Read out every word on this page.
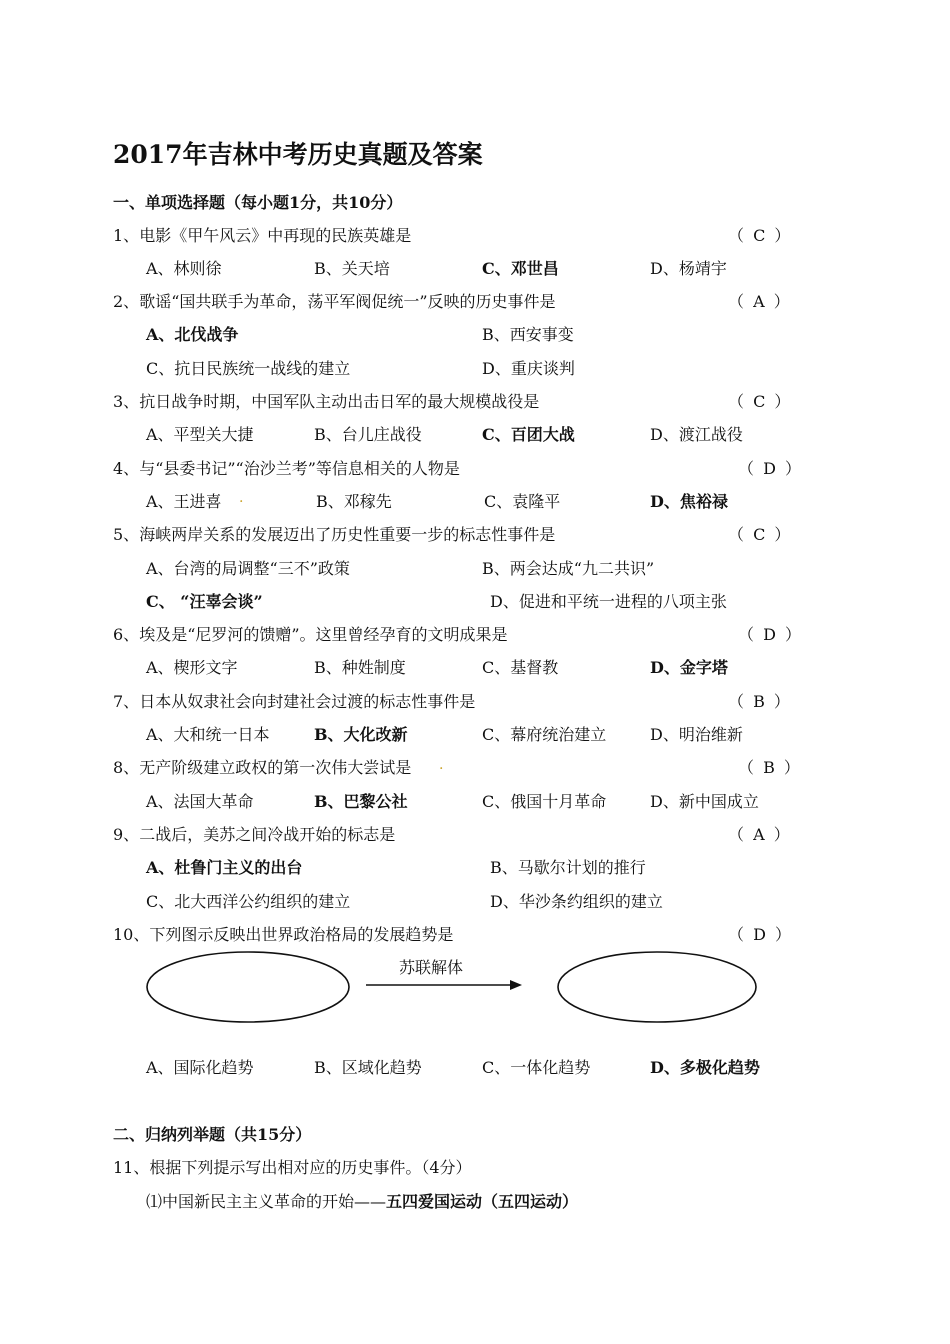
2017年吉林中考历史真题及答案
一、单项选择题（每小题1分，共10分）
1、电影《甲午风云》中再现的民族英雄是	（ C ）
A、林则徐	B、关天培	C、邓世昌	D、杨靖宇
2、歌谣“国共联手为革命，荡平军阀促统一”反映的历史事件是	（ A ）
A、北伐战争	B、西安事变
C、抗日民族统一战线的建立	D、重庆谈判
3、抗日战争时期，中国军队主动出击日军的最大规模战役是	（ C ）
A、平型关大捷	B、台儿庄战役	C、百团大战	D、渡江战役
4、与“县委书记”“治沙兰考”等信息相关的人物是	（ D ）
A、王进喜 .	B、邓稼先	C、袁隆平	D、焦裕禄
5、海峡两岸关系的发展迈出了历史性重要一步的标志性事件是	（ C ）
A、台湾的局调整“三不”政策	B、两会达成“九二共识”
C、 “汪辜会谈”	D、促进和平统一进程的八项主张
6、埃及是“尼罗河的馈赠”。这里曾经孕育的文明成果是	（ D ）
A、楔形文字	B、种姓制度	C、基督教	D、金字塔
7、日本从奴隶社会向封建社会过渡的标志性事件是	（ B ）
A、大和统一日本	B、大化改新	C、幕府统治建立	D、明治维新
8、无产阶级建立政权的第一次伟大尝试是 .	（ B ）
A、法国大革命	B、巴黎公社	C、俄国十月革命	D、新中国成立
9、二战后，美苏之间冷战开始的标志是	（ A ）
A、杜鲁门主义的出台	B、马歇尔计划的推行
C、北大西洋公约组织的建立	D、华沙条约组织的建立
10、下列图示反映出世界政治格局的发展趋势是	（ D ）
苏联解体
A、国际化趋势	B、区域化趋势	C、一体化趋势	D、多极化趋势
二、归纳列举题（共15分）
11、根据下列提示写出相对应的历史事件。（4分）
⑴中国新民主主义革命的开始——五四爱国运动（五四运动）
